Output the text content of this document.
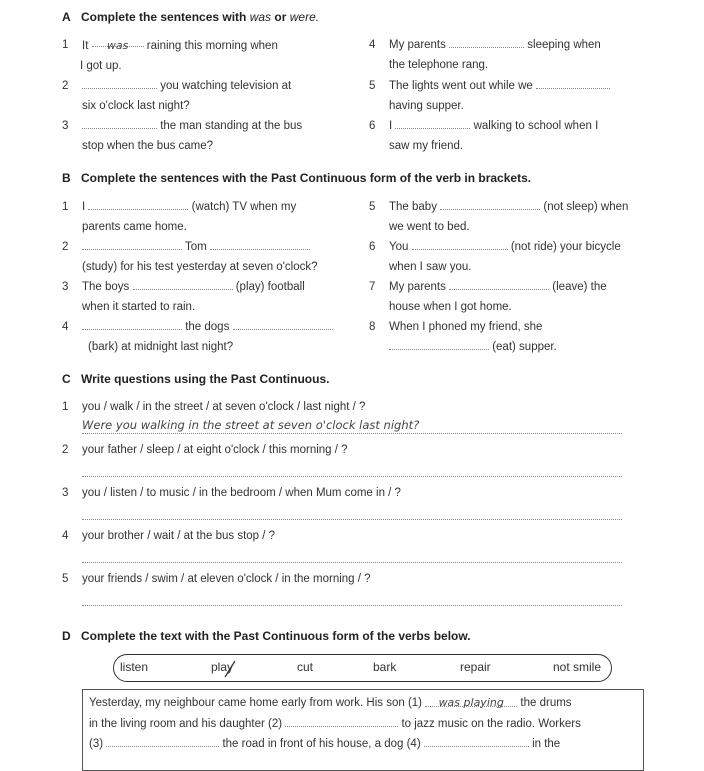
A Complete the sentences with was or were.
1 It was raining this morning when
I got up.
2	you watching television at
six o'clock last night?
3	the man standing at the bus
stop when the bus came?
4 My parents	sleeping when
the telephone rang.
5 The lights went out while we
having supper.
6 I	walking to school when I
saw my friend.
B Complete the sentences with the Past Continuous form of the verb in brackets.
1 I	(watch) TV when my
parents came home.
2	Tom
(study) for his test yesterday at seven o'clock?
3 The boys	(play) football
when it started to rain.
4	the dogs
(bark) at midnight last night?
5 The baby	(not sleep) when
we went to bed.
6 You	(not ride) your bicycle
when I saw you.
7 My parents	(leave) the
house when I got home.
8 When I phoned my friend, she
(eat) supper.
C Write questions using the Past Continuous.
1 you / walk / in the street / at seven o'clock / last night / ?
Were you walking in the street at seven o'clock last night?
2 your father / sleep / at eight o'clock / this morning / ?
3 you / listen / to music / in the bedroom / when Mum come in / ?
4 your brother / wait / at the bus stop / ?
5 your friends / swim / at eleven o'clock / in the morning / ?
D Complete the text with the Past Continuous form of the verbs below.
listen	play	cut	bark	repair	not smile
Yesterday, my neighbour came home early from work. His son (1) was playing the drums
in the living room and his daughter (2)	to jazz music on the radio. Workers
(3)	the road in front of his house, a dog (4)	in the
